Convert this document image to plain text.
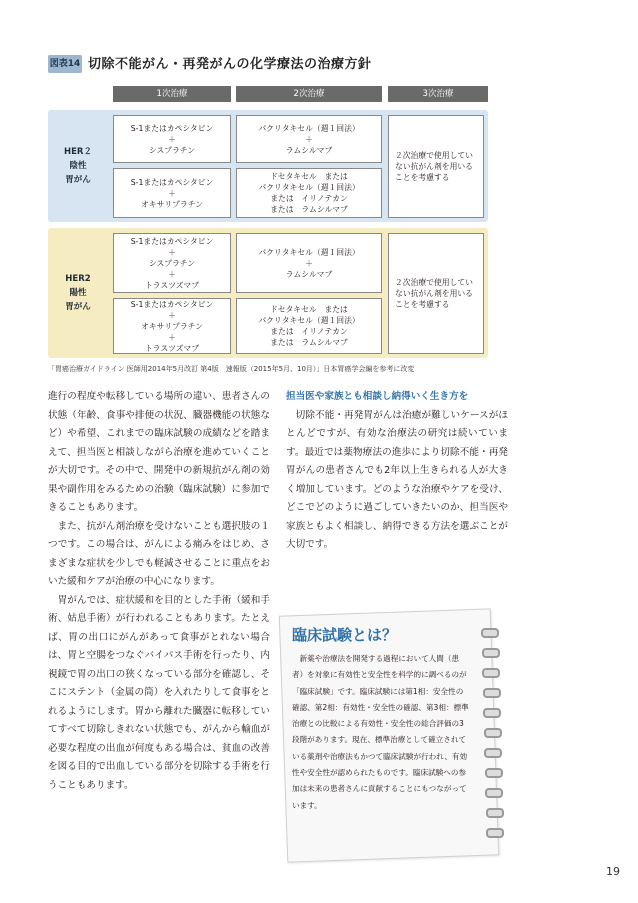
図表14 切除不能がん・再発がんの化学療法の治療方針
1次治療	2次治療	3次治療
HER２
陰性
胃がん
S-1またはカペシタビン
＋
シスプラチン
パクリタキセル（週１回法）
＋
ラムシルマブ
S-1またはカペシタビン
＋
オキサリプラチン
ドセタキセル　または
パクリタキセル（週１回法）
または　イリノテカン
または　ラムシルマブ
２次治療で使用していない抗がん剤を用いることを考慮する
HER2
陽性
胃がん
S-1またはカペシタビン
＋
シスプラチン
＋
トラスツズマブ
パクリタキセル（週１回法）
＋
ラムシルマブ
S-1またはカペシタビン
＋
オキサリプラチン
＋
トラスツズマブ
ドセタキセル　または
パクリタキセル（週１回法）
または　イリノテカン
または　ラムシルマブ
２次治療で使用していない抗がん剤を用いることを考慮する
「胃癌治療ガイドライン 医師用2014年5月改訂 第4版　速報版（2015年5月、10月）」日本胃癌学会編を参考に改変

進行の程度や転移している場所の違い、患者さんの状態（年齢、食事や排便の状況、臓器機能の状態など）や希望、これまでの臨床試験の成績などを踏まえて、担当医と相談しながら治療を進めていくことが大切です。その中で、開発中の新規抗がん剤の効果や副作用をみるための治験（臨床試験）に参加できることもあります。

　また、抗がん剤治療を受けないことも選択肢の１つです。この場合は、がんによる痛みをはじめ、さまざまな症状を少しでも軽減させることに重点をおいた緩和ケアが治療の中心になります。

　胃がんでは、症状緩和を目的とした手術（緩和手術、姑息手術）が行われることもあります。たとえば、胃の出口にがんがあって食事がとれない場合は、胃と空腸をつなぐバイパス手術を行ったり、内視鏡で胃の出口の狭くなっている部分を確認し、そこにステント（金属の筒）を入れたりして食事をとれるようにします。胃から離れた臓器に転移していてすべて切除しきれない状態でも、がんから輸血が必要な程度の出血が何度もある場合は、貧血の改善を図る目的で出血している部分を切除する手術を行うこともあります。

担当医や家族とも相談し納得いく生き方を

　切除不能・再発胃がんは治癒が難しいケースがほとんどですが、有効な治療法の研究は続いています。最近では薬物療法の進歩により切除不能・再発胃がんの患者さんでも2年以上生きられる人が大きく増加しています。どのような治療やケアを受け、どこでどのように過ごしていきたいのか、担当医や家族ともよく相談し、納得できる方法を選ぶことが大切です。

臨床試験とは？
　新薬や治療法を開発する過程において人間（患者）を対象に有効性と安全性を科学的に調べるのが「臨床試験」です。臨床試験には第1相：安全性の確認、第2相：有効性・安全性の確認、第3相：標準治療との比較による有効性・安全性の総合評価の3段階があります。現在、標準治療として確立されている薬剤や治療法もかつて臨床試験が行われ、有効性や安全性が認められたものです。臨床試験への参加は未来の患者さんに貢献することにもつながっています。
19
